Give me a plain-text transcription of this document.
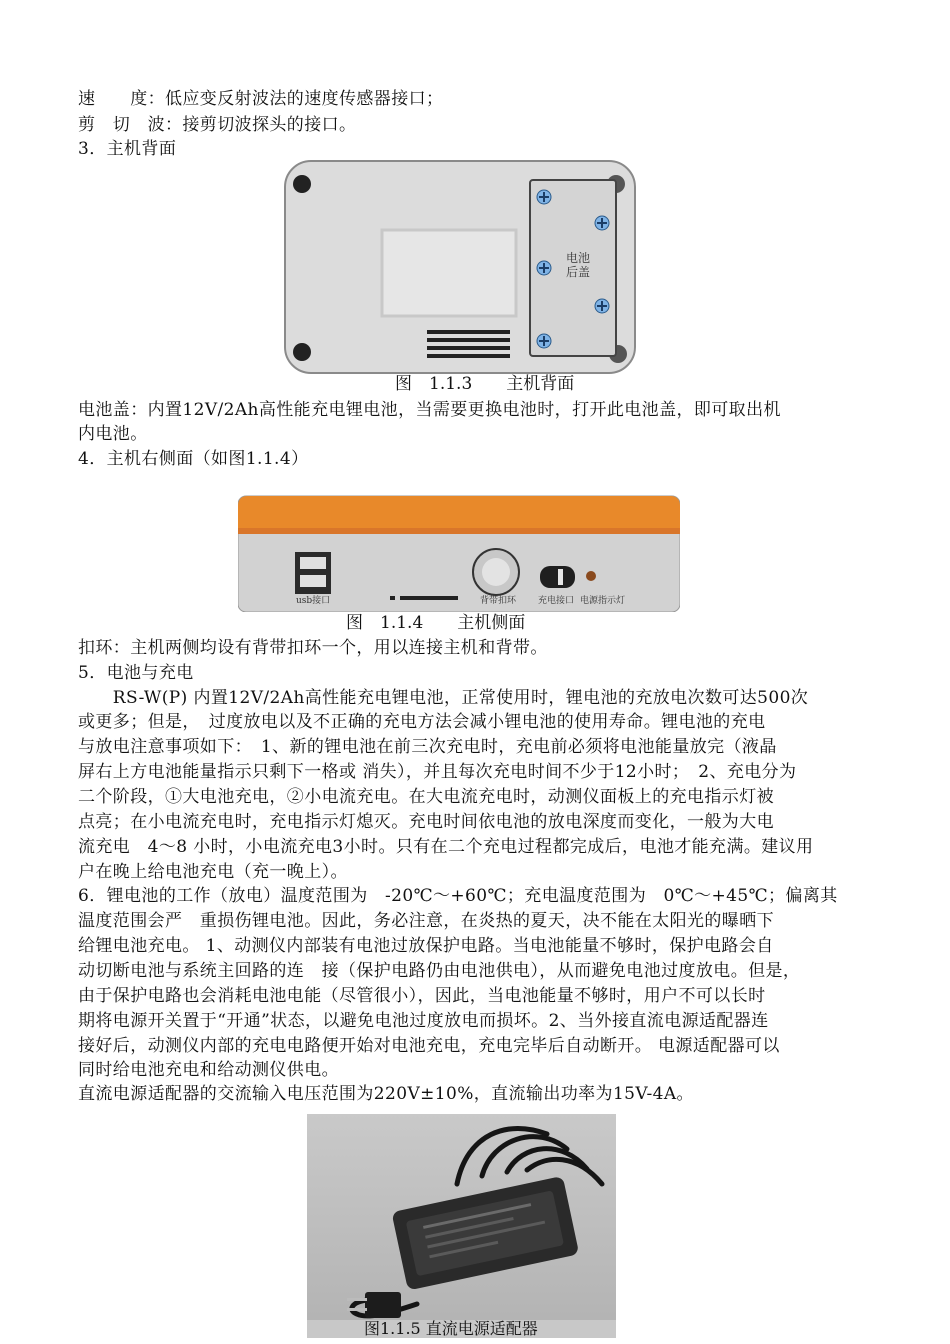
速　　度：低应变反射波法的速度传感器接口；
剪　切　波：接剪切波探头的接口。
3．主机背面
电池
后盖
图　1.1.3　　主机背面
电池盖：内置12V/2Ah高性能充电锂电池，当需要更换电池时，打开此电池盖，即可取出机
内电池。
4．主机右侧面（如图1.1.4）
usb接口	背带扣环 充电接口 电源指示灯
图　1.1.4　　主机侧面
扣环：主机两侧均设有背带扣环一个，用以连接主机和背带。
5．电池与充电
　　RS-W(P) 内置12V/2Ah高性能充电锂电池，正常使用时，锂电池的充放电次数可达500次
或更多；但是，　过度放电以及不正确的充电方法会减小锂电池的使用寿命。锂电池的充电
与放电注意事项如下：　1、新的锂电池在前三次充电时，充电前必须将电池能量放完（液晶
屏右上方电池能量指示只剩下一格或 消失），并且每次充电时间不少于12小时；　2、充电分为
二个阶段，①大电池充电，②小电流充电。在大电流充电时，动测仪面板上的充电指示灯被
点亮；在小电流充电时，充电指示灯熄灭。充电时间依电池的放电深度而变化，一般为大电
流充电　4～8 小时，小电流充电3小时。只有在二个充电过程都完成后，电池才能充满。建议用
户在晚上给电池充电（充一晚上）。
6．锂电池的工作（放电）温度范围为　-20℃～+60℃；充电温度范围为　0℃～+45℃；偏离其
温度范围会严　重损伤锂电池。因此，务必注意，在炎热的夏天，决不能在太阳光的曝晒下
给锂电池充电。 1、动测仪内部装有电池过放保护电路。当电池能量不够时，保护电路会自
动切断电池与系统主回路的连　接（保护电路仍由电池供电），从而避免电池过度放电。但是，
由于保护电路也会消耗电池电能（尽管很小），因此，当电池能量不够时，用户不可以长时
期将电源开关置于“开通”状态，以避免电池过度放电而损坏。2、当外接直流电源适配器连
接好后，动测仪内部的充电电路便开始对电池充电，充电完毕后自动断开。 电源适配器可以
同时给电池充电和给动测仪供电。
直流电源适配器的交流输入电压范围为220V±10%，直流输出功率为15V-4A。
图1.1.5 直流电源适配器
